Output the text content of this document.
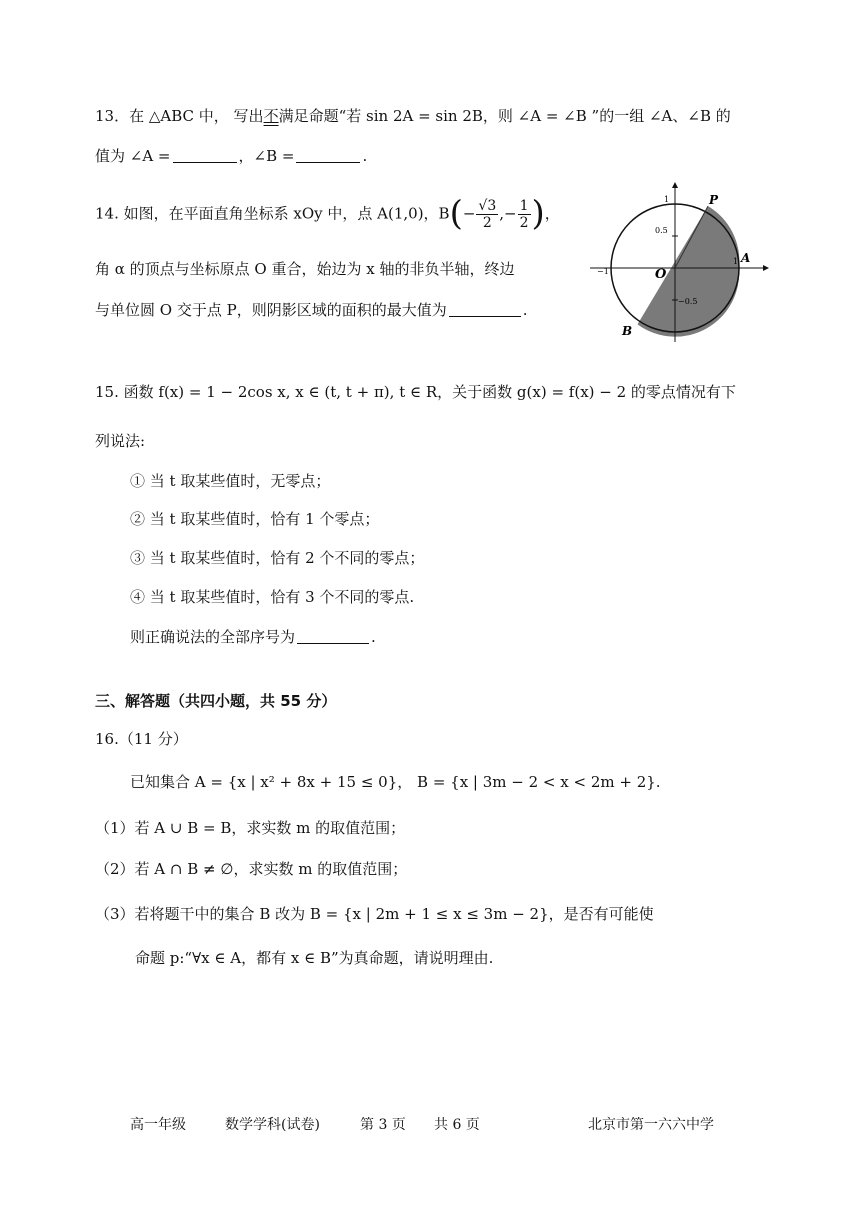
13．在 △ABC 中， 写出不满足命题“若 sin 2A = sin 2B，则 ∠A = ∠B ”的一组 ∠A、∠B 的
值为 ∠A =	，∠B =	.
14. 如图，在平面直角坐标系 xOy 中，点 A(1,0)，$B(- \frac{√3}{2}$ ,− $\frac{1}{2}$ )，
角 α 的顶点与坐标原点 O 重合，始边为 x 轴的非负半轴，终边
与单位圆 O 交于点 P，则阴影区域的面积的最大值为	.
1
0.5
−0.5
−1
1
P
A
B
O
15. 函数 f(x) = 1 − 2cos x, x ∈ (t, t + π), t ∈ R，关于函数 g(x) = f(x) − 2 的零点情况有下
列说法:
① 当 t 取某些值时，无零点；
② 当 t 取某些值时，恰有 1 个零点；
③ 当 t 取某些值时，恰有 2 个不同的零点；
④ 当 t 取某些值时，恰有 3 个不同的零点.
则正确说法的全部序号为	.
三、解答题（共四小题，共 55 分）
16.（11 分）
已知集合 A = {x | x² + 8x + 15 ≤ 0}， B = {x | 3m − 2 < x < 2m + 2}.
（1）若 A ∪ B = B，求实数 m 的取值范围；
（2）若 A ∩ B ≠ ∅，求实数 m 的取值范围；
（3）若将题干中的集合 B 改为 B = {x | 2m + 1 ≤ x ≤ 3m − 2}，是否有可能使
命题 p:“∀x ∈ A，都有 x ∈ B”为真命题，请说明理由.
高一年级	数学学科(试卷)	第 3 页 共 6 页	北京市第一六六中学
